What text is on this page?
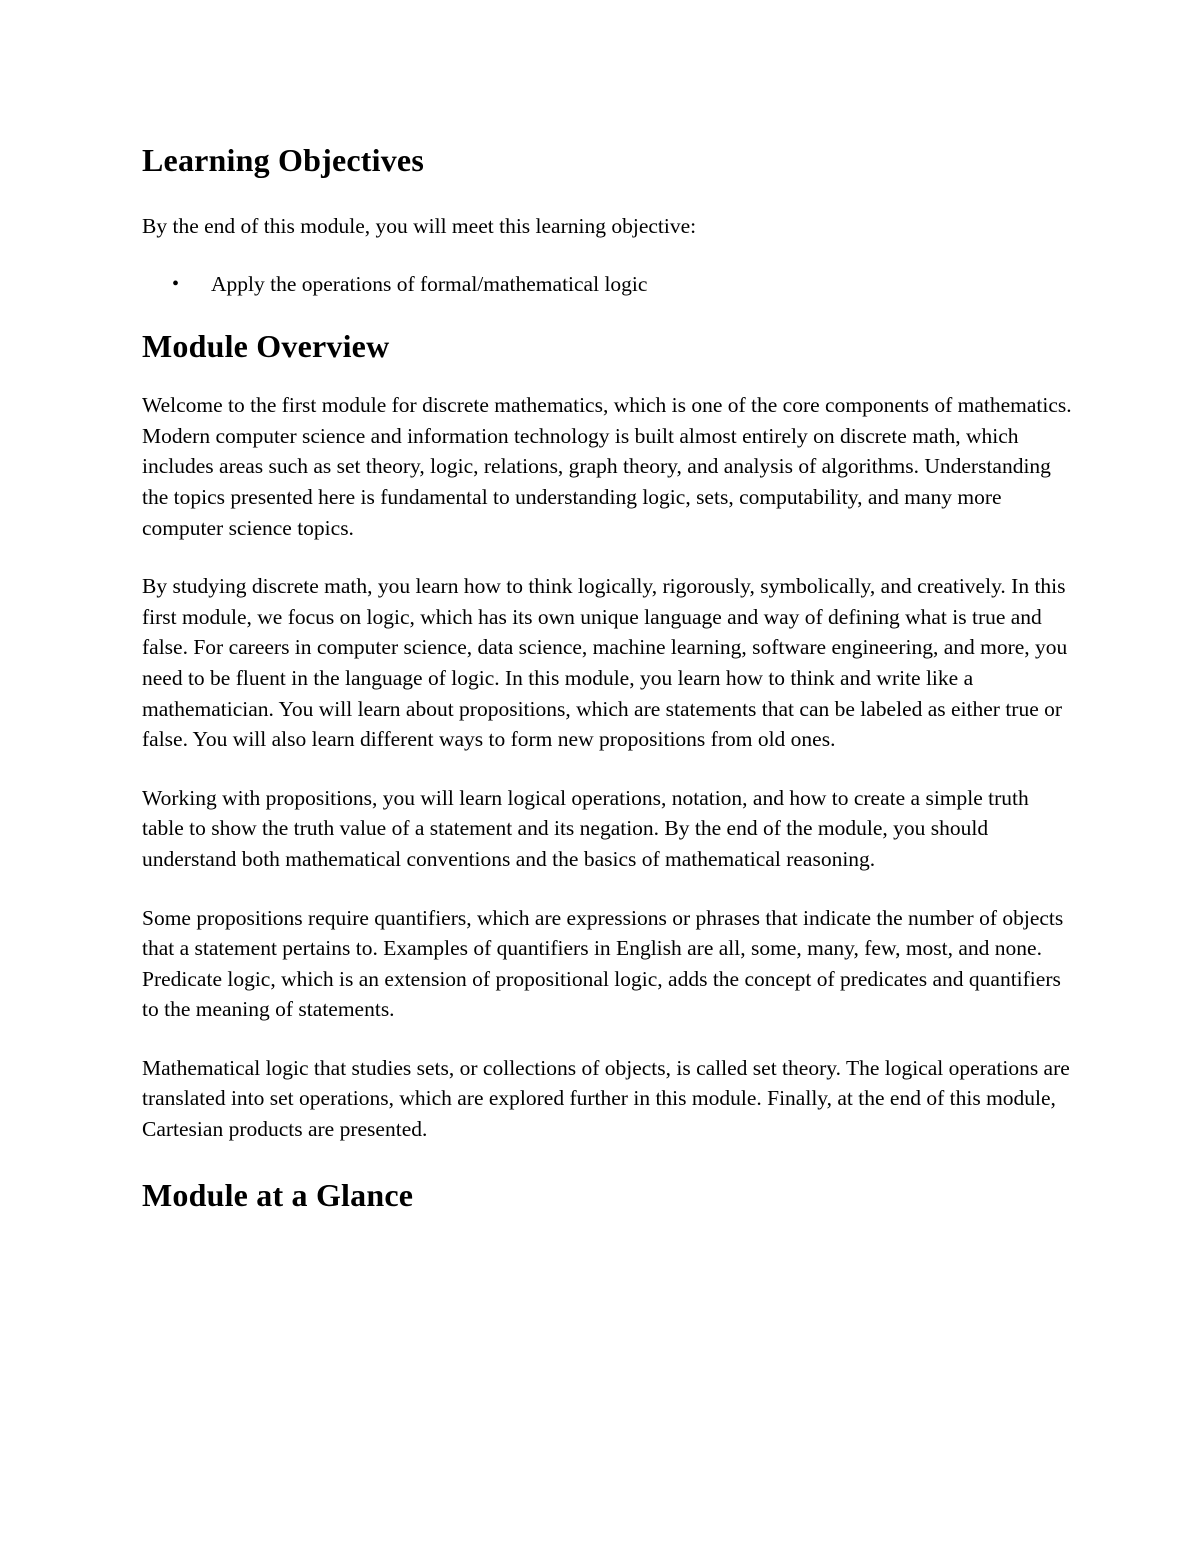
Learning Objectives

By the end of this module, you will meet this learning objective:

• Apply the operations of formal/mathematical logic
Module Overview

Welcome to the first module for discrete mathematics, which is one of the core components of mathematics. Modern computer science and information technology is built almost entirely on discrete math, which includes areas such as set theory, logic, relations, graph theory, and analysis of algorithms. Understanding the topics presented here is fundamental to understanding logic, sets, computability, and many more computer science topics.

By studying discrete math, you learn how to think logically, rigorously, symbolically, and creatively. In this first module, we focus on logic, which has its own unique language and way of defining what is true and false. For careers in computer science, data science, machine learning, software engineering, and more, you need to be fluent in the language of logic. In this module, you learn how to think and write like a mathematician. You will learn about propositions, which are statements that can be labeled as either true or false. You will also learn different ways to form new propositions from old ones.

Working with propositions, you will learn logical operations, notation, and how to create a simple truth table to show the truth value of a statement and its negation. By the end of the module, you should understand both mathematical conventions and the basics of mathematical reasoning.

Some propositions require quantifiers, which are expressions or phrases that indicate the number of objects that a statement pertains to. Examples of quantifiers in English are all, some, many, few, most, and none. Predicate logic, which is an extension of propositional logic, adds the concept of predicates and quantifiers to the meaning of statements.

Mathematical logic that studies sets, or collections of objects, is called set theory. The logical operations are translated into set operations, which are explored further in this module. Finally, at the end of this module, Cartesian products are presented.

Module at a Glance
